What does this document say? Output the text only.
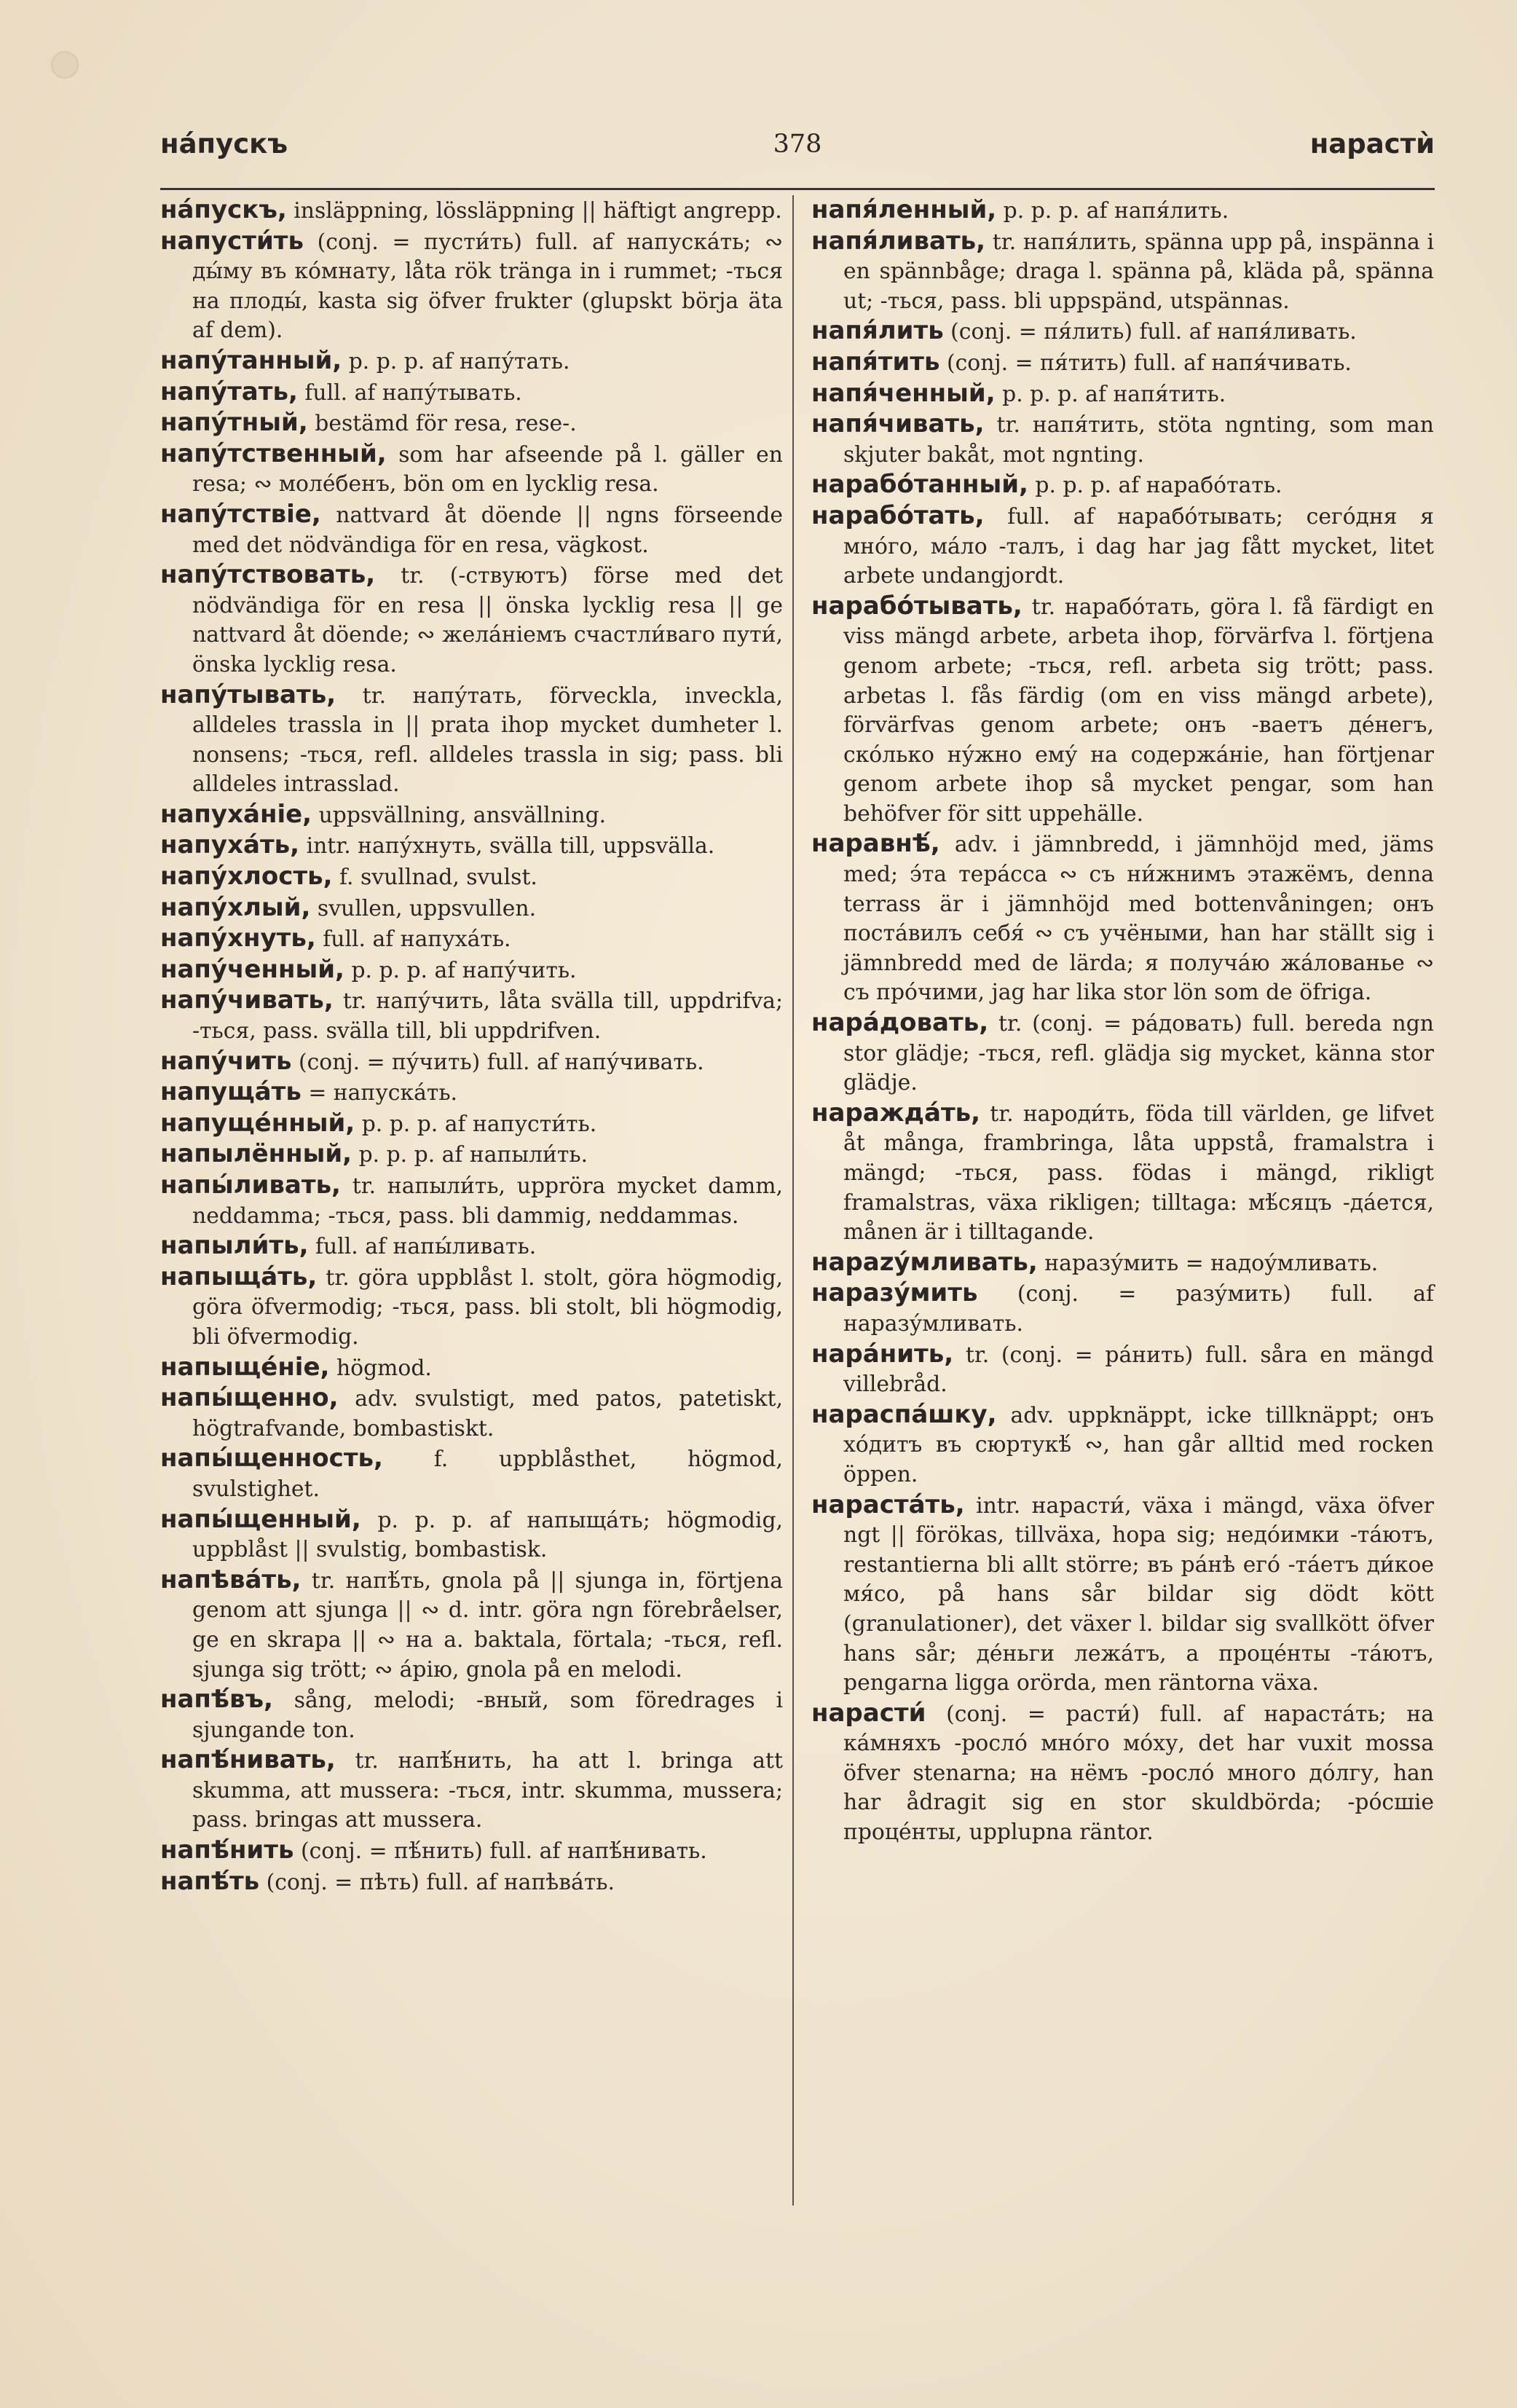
на́пускъ	378	нарастѝ

на́пускъ, insläppning, lössläppning || häftigt angrepp.

напусти́ть (conj. = пусти́ть) full. af напуска́ть; ∾ ды́му въ ко́мнату, låta rök tränga in i rummet; -ться на плоды́, kasta sig öfver frukter (glupskt börja äta af dem).

напу́танный, p. p. p. af напу́тать.

напу́тать, full. af напу́тывать.

напу́тный, bestämd för resa, rese-.

напу́тственный, som har afseende på l. gäller en resa; ∾ моле́бенъ, bön om en lycklig resa.

напу́тствіе, nattvard åt döende || ngns förseende med det nödvändiga för en resa, vägkost.

напу́тствовать, tr. (-ствуютъ) förse med det nödvändiga för en resa || önska lycklig resa || ge nattvard åt döende; ∾ жела́ніемъ счастли́ваго пути́, önska lycklig resa.

напу́тывать, tr. напу́тать, förveckla, inveckla, alldeles trassla in || prata ihop mycket dumheter l. nonsens; -ться, refl. alldeles trassla in sig; pass. bli alldeles intrasslad.

напуха́ніе, uppsvällning, ansvällning.

напуха́ть, intr. напу́хнуть, svälla till, uppsvälla.

напу́хлость, f. svullnad, svulst.

напу́хлый, svullen, uppsvullen.

напу́хнуть, full. af напуха́ть.

напу́ченный, p. p. p. af напу́чить.

напу́чивать, tr. напу́чить, låta svälla till, uppdrifva; -ться, pass. svälla till, bli uppdrifven.

напу́чить (conj. = пу́чить) full. af напу́чивать.

напуща́ть = напуска́ть.

напуще́нный, p. p. p. af напусти́ть.

напылённый, p. p. p. af напыли́ть.

напы́ливать, tr. напыли́ть, uppröra mycket damm, neddamma; -ться, pass. bli dammig, neddammas.

напыли́ть, full. af напы́ливать.

напыща́ть, tr. göra uppblåst l. stolt, göra högmodig, göra öfvermodig; -ться, pass. bli stolt, bli högmodig, bli öfvermodig.

напыще́ніе, högmod.

напы́щенно, adv. svulstigt, med patos, patetiskt, högtrafvande, bombastiskt.

напы́щенность, f. uppblåsthet, högmod, svulstighet.

напы́щенный, p. p. p. af напыща́ть; högmodig, uppblåst || svulstig, bombastisk.

напѣва́ть, tr. напѣ́ть, gnola på || sjunga in, förtjena genom att sjunga || ∾ d. intr. göra ngn förebråelser, ge en skrapa || ∾ на a. baktala, förtala; -ться, refl. sjunga sig trött; ∾ а́рію, gnola på en melodi.

напѣ́въ, sång, melodi; -вный, som föredrages i sjungande ton.

напѣ́нивать, tr. напѣ́нить, ha att l. bringa att skumma, att mussera: -ться, intr. skumma, mussera; pass. bringas att mussera.

напѣ́нить (conj. = пѣ́нить) full. af напѣ́нивать.

напѣ́ть (conj. = пѣть) full. af напѣва́ть.

напя́ленный, p. p. p. af напя́лить.

напя́ливать, tr. напя́лить, spänna upp på, inspänna i en spännbåge; draga l. spänna på, kläda på, spänna ut; -ться, pass. bli uppspänd, utspännas.

напя́лить (conj. = пя́лить) full. af напя́ливать.

напя́тить (conj. = пя́тить) full. af напя́чивать.

напя́ченный, p. p. p. af напя́тить.

напя́чивать, tr. напя́тить, stöta ngnting, som man skjuter bakåt, mot ngnting.

нарабо́танный, p. p. p. af нарабо́тать.

нарабо́тать, full. af нарабо́тывать; сего́дня я мно́го, ма́ло -талъ, i dag har jag fått mycket, litet arbete undangjordt.

нарабо́тывать, tr. нарабо́тать, göra l. få färdigt en viss mängd arbete, arbeta ihop, förvärfva l. förtjena genom arbete; -ться, refl. arbeta sig trött; pass. arbetas l. fås färdig (om en viss mängd arbete), förvärfvas genom arbete; онъ -ваетъ де́негъ, ско́лько ну́жно ему́ на содержа́ніе, han förtjenar genom arbete ihop så mycket pengar, som han behöfver för sitt uppehälle.

наравнѣ́, adv. i jämnbredd, i jämnhöjd med, jäms med; э́та тера́сса ∾ съ ни́жнимъ этажёмъ, denna terrass är i jämnhöjd med bottenvåningen; онъ поста́вилъ себя́ ∾ съ учёными, han har ställt sig i jämnbredd med de lärda; я получа́ю жа́лованье ∾ съ про́чими, jag har lika stor lön som de öfriga.

нара́довать, tr. (conj. = ра́довать) full. bereda ngn stor glädje; -ться, refl. glädja sig mycket, känna stor glädje.

наражда́ть, tr. народи́ть, föda till världen, ge lifvet åt många, frambringa, låta uppstå, framalstra i mängd; -ться, pass. födas i mängd, rikligt framalstras, växa rikligen; tilltaga: мѣ́сяцъ -да́ется, månen är i tilltagande.

нарazу́мливать, наразу́мить = надоу́мливать.

наразу́мить (conj. = разу́мить) full. af наразу́мливать.

нара́нить, tr. (conj. = ра́нить) full. såra en mängd villebråd.

нараспа́шку, adv. uppknäppt, icke tillknäppt; онъ хо́дитъ въ сюртукѣ́ ∾, han går alltid med rocken öppen.

нараста́ть, intr. нарасти́, växa i mängd, växa öfver ngt || förökas, tillväxa, hopa sig; недо́имки -та́ютъ, restantierna bli allt större; въ ра́нѣ его́ -та́етъ ди́кое мя́со, på hans sår bildar sig dödt kött (granulationer), det växer l. bildar sig svallkött öfver hans sår; де́ньги лежа́тъ, а проце́нты -та́ютъ, pengarna ligga orörda, men räntorna växa.

нарасти́ (conj. = расти́) full. af нараста́ть; на ка́мняхъ -росло́ мно́го мо́ху, det har vuxit mossa öfver stenarna; на нёмъ -росло́ много до́лгу, han har ådragit sig en stor skuldbörda; -ро́сшіе проце́нты, upplupna räntor.
